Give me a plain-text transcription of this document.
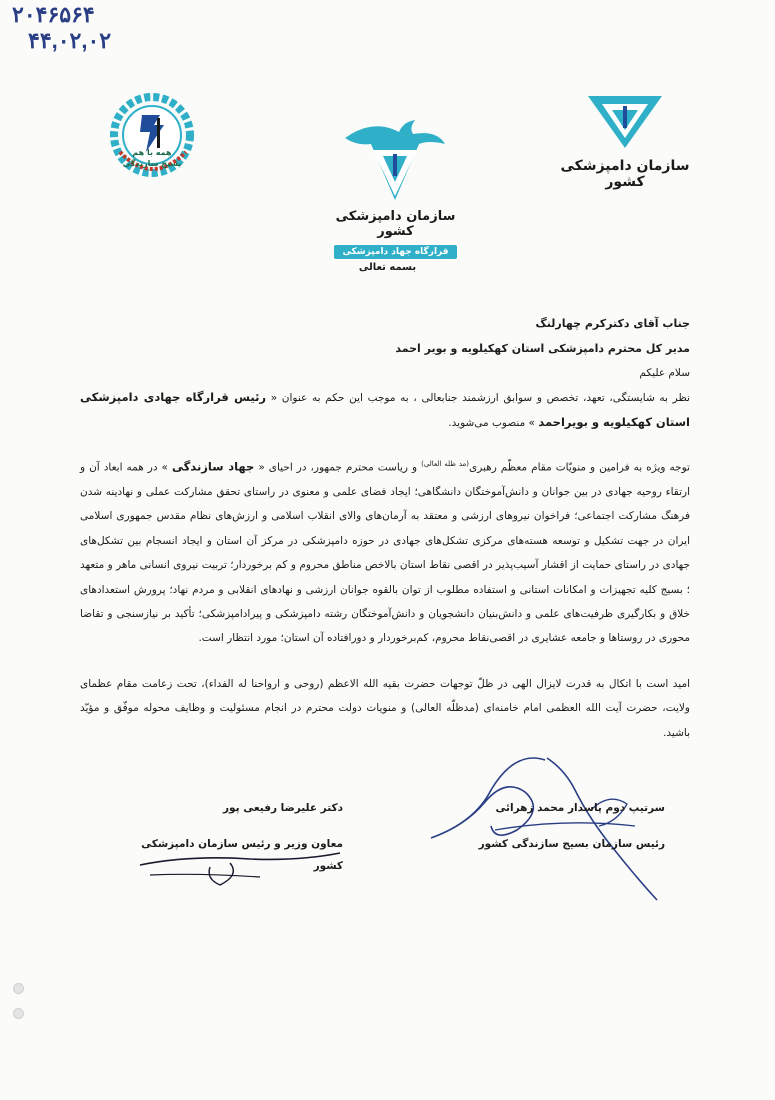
۲۰۴۶۵۶۴
۴۴,۰۲,۰۲
همه با هم
بسیج سازندگی
سازمان دامپزشکی کشور
قرارگاه جهاد دامپزشکی
سازمان دامپزشکی کشور
بسمه تعالی
جناب آقای دکترکرم چهارلنگ
مدیر کل محترم دامپزشکی استان کهکیلویه و بویر احمد
سلام علیکم
نظر به شایستگی، تعهد، تخصص و سوابق ارزشمند جنابعالی ، به موجب این حکم به عنوان « رئیس قرارگاه جهادی دامپزشکی استان کهکیلویه و بویراحمد » منصوب می‌شوید.
توجه ویژه به فرامین و منویّات مقام معظّم رهبری$^{(مد ظله العالی)}$ و ریاست محترم جمهور، در احیای « جهاد سازندگی » در همه ابعاد آن و ارتقاء روحیه جهادی در بین جوانان و دانش‌آموختگان دانشگاهی؛ ایجاد فضای علمی و معنوی در راستای تحقق مشارکت عملی و نهادینه شدن فرهنگ مشارکت اجتماعی؛ فراخوان نیروهای ارزشی و معتقد به آرمان‌های والای انقلاب اسلامی و ارزش‌های نظام مقدس جمهوری اسلامی ایران در جهت تشکیل و توسعه هسته‌های مرکزی تشکل‌های جهادی در حوزه دامپزشکی در مرکز آن استان و ایجاد انسجام بین تشکل‌های جهادی در راستای حمایت از اقشار آسیب‌پذیر در اقصی نقاط استان بالاخص مناطق محروم و کم برخوردار؛ تربیت نیروی انسانی ماهر و متعهد ؛ بسیج کلیه تجهیزات و امکانات استانی و استفاده مطلوب از توان بالقوه جوانان ارزشی و نهادهای انقلابی و مردم نهاد؛ پرورش استعدادهای خلاق و بکارگیری ظرفیت‌های علمی و دانش‌بنیان دانشجویان و دانش‌آموختگان رشته دامپزشکی و پیرادامپزشکی؛ تأکید بر نیازسنجی و تقاضا محوری در روستاها و جامعه عشایری در اقصی‌نقاط محروم، کم‌برخوردار و دورافتاده آن استان؛ مورد انتظار است.
امید است با اتکال به قدرت لایزال الهی در ظلّ توجهات حضرت بقیه الله الاعظم (روحی و ارواحنا له الفداء)، تحت زعامت مقام عظمای ولایت، حضرت آیت الله العظمی امام خامنه‌ای (مدظلّه العالی) و منویات دولت محترم در انجام مسئولیت و وظایف محوله موفّق و مؤیّد باشید.
دکتر علیرضا رفیعی پور
معاون وزیر و رئیس سازمان دامپزشکی کشور
سرتیپ دوم پاسدار محمد زهرائی
رئیس سازمان بسیج سازندگی کشور
